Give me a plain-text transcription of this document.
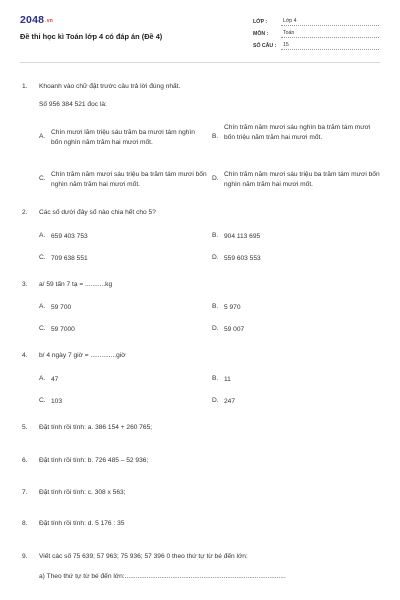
2048.vn
Đề thi học kì Toán lớp 4 có đáp án (Đề 4)
LỚP :	Lớp 4
MÔN :	Toán
SỐ CÂU :	15
1.	Khoanh vào chữ đặt trước câu trả lời đúng nhất.
Số 956 384 521 đọc là:
A.
Chín mươi lăm triệu sáu trăm ba mươi tám nghìn bốn nghìn năm trăm hai mươi mốt.
B.
Chín trăm năm mươi sáu nghìn ba trăm tám mươi bốn triệu năm trăm hai mươi mốt.
C.
Chín trăm năm mươi sáu triệu ba trăm tám mươi bốn nghìn năm trăm hai mươi mốt.
D.
Chín trăm năm mươi sáu triệu ba trăm tám mươi bốn nghìn năm trăm hai mươi mốt.
2.	Các số dưới đây số nào chia hết cho 5?
A. 659 403 753	B. 904 113 695
C. 709 638 551	D. 559 603 553
3.	a/ 59 tấn 7 tạ = ...........kg
A. 59 700	B. 5 970
C. 59 7000	D. 59 007
4.	b/ 4 ngày 7 giờ = ..............giờ
A. 47	B. 11
C. 103	D. 247
5.	Đặt tính rồi tính: a. 386 154 + 260 765;
6.	Đặt tính rồi tính: b. 726 485 – 52 936;
7.	Đặt tính rồi tính: c. 308 x 563;
8.	Đặt tính rồi tính: d. 5 176 : 35
9.	Viết các số 75 639; 57 963; 75 936; 57 396 0 theo thứ tự từ bé đến lớn:
a) Theo thứ tự từ bé đến lớn:........................................................................................
